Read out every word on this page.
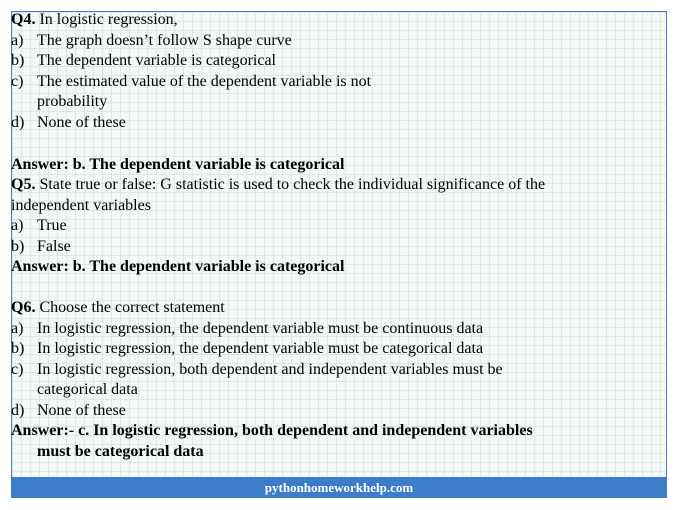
Q4. In logistic regression,
a) The graph doesn’t follow S shape curve
b) The dependent variable is categorical
c) The estimated value of the dependent variable is not
probability
d) None of these
Answer: b. The dependent variable is categorical
Q5. State true or false: G statistic is used to check the individual significance of the
independent variables
a) True
b) False
Answer: b. The dependent variable is categorical
Q6. Choose the correct statement
a) In logistic regression, the dependent variable must be continuous data
b) In logistic regression, the dependent variable must be categorical data
c) In logistic regression, both dependent and independent variables must be
categorical data
d) None of these
Answer:- c. In logistic regression, both dependent and independent variables
must be categorical data
pythonhomeworkhelp.com
